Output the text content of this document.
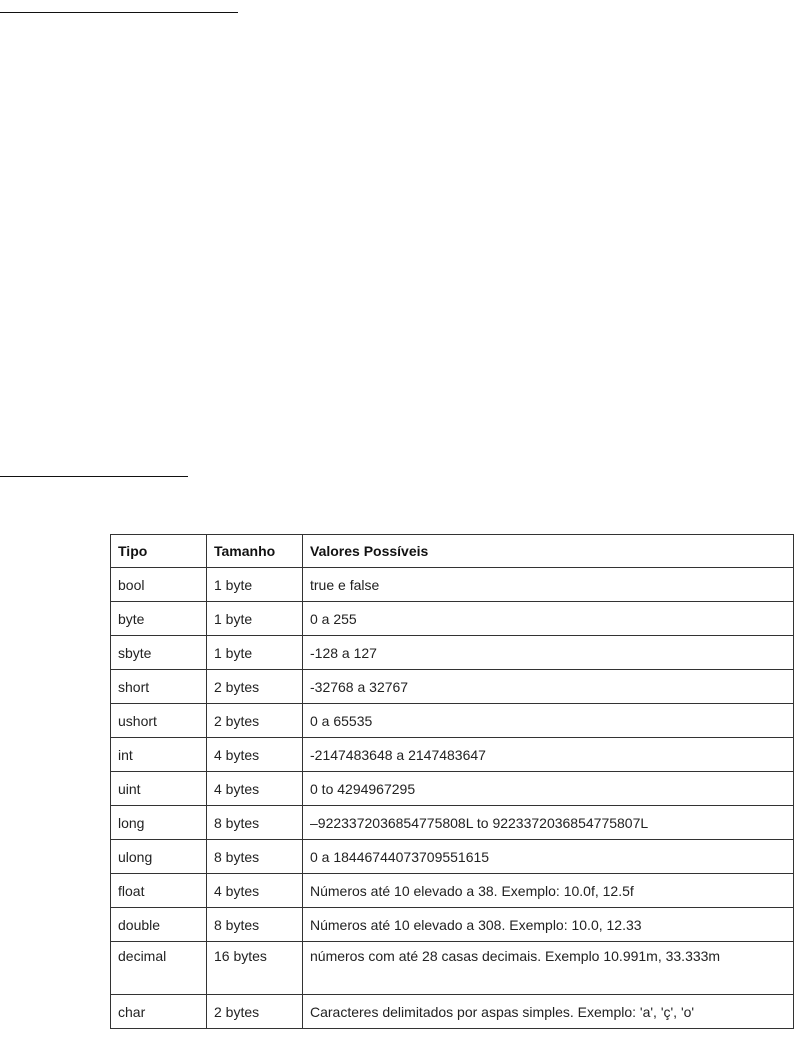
Tipo	Tamanho	Valores Possíveis
bool	1 byte	true e false
byte	1 byte	0 a 255
sbyte	1 byte	-128 a 127
short	2 bytes	-32768 a 32767
ushort	2 bytes	0 a 65535
int	4 bytes	-2147483648 a 2147483647
uint	4 bytes	0 to 4294967295
long	8 bytes	–9223372036854775808L to 9223372036854775807L
ulong	8 bytes	0 a 18446744073709551615
float	4 bytes	Números até 10 elevado a 38. Exemplo: 10.0f, 12.5f
double	8 bytes	Números até 10 elevado a 308. Exemplo: 10.0, 12.33
decimal	16 bytes	números com até 28 casas decimais. Exemplo 10.991m, 33.333m
char	2 bytes	Caracteres delimitados por aspas simples. Exemplo: 'a', 'ç', 'o'
